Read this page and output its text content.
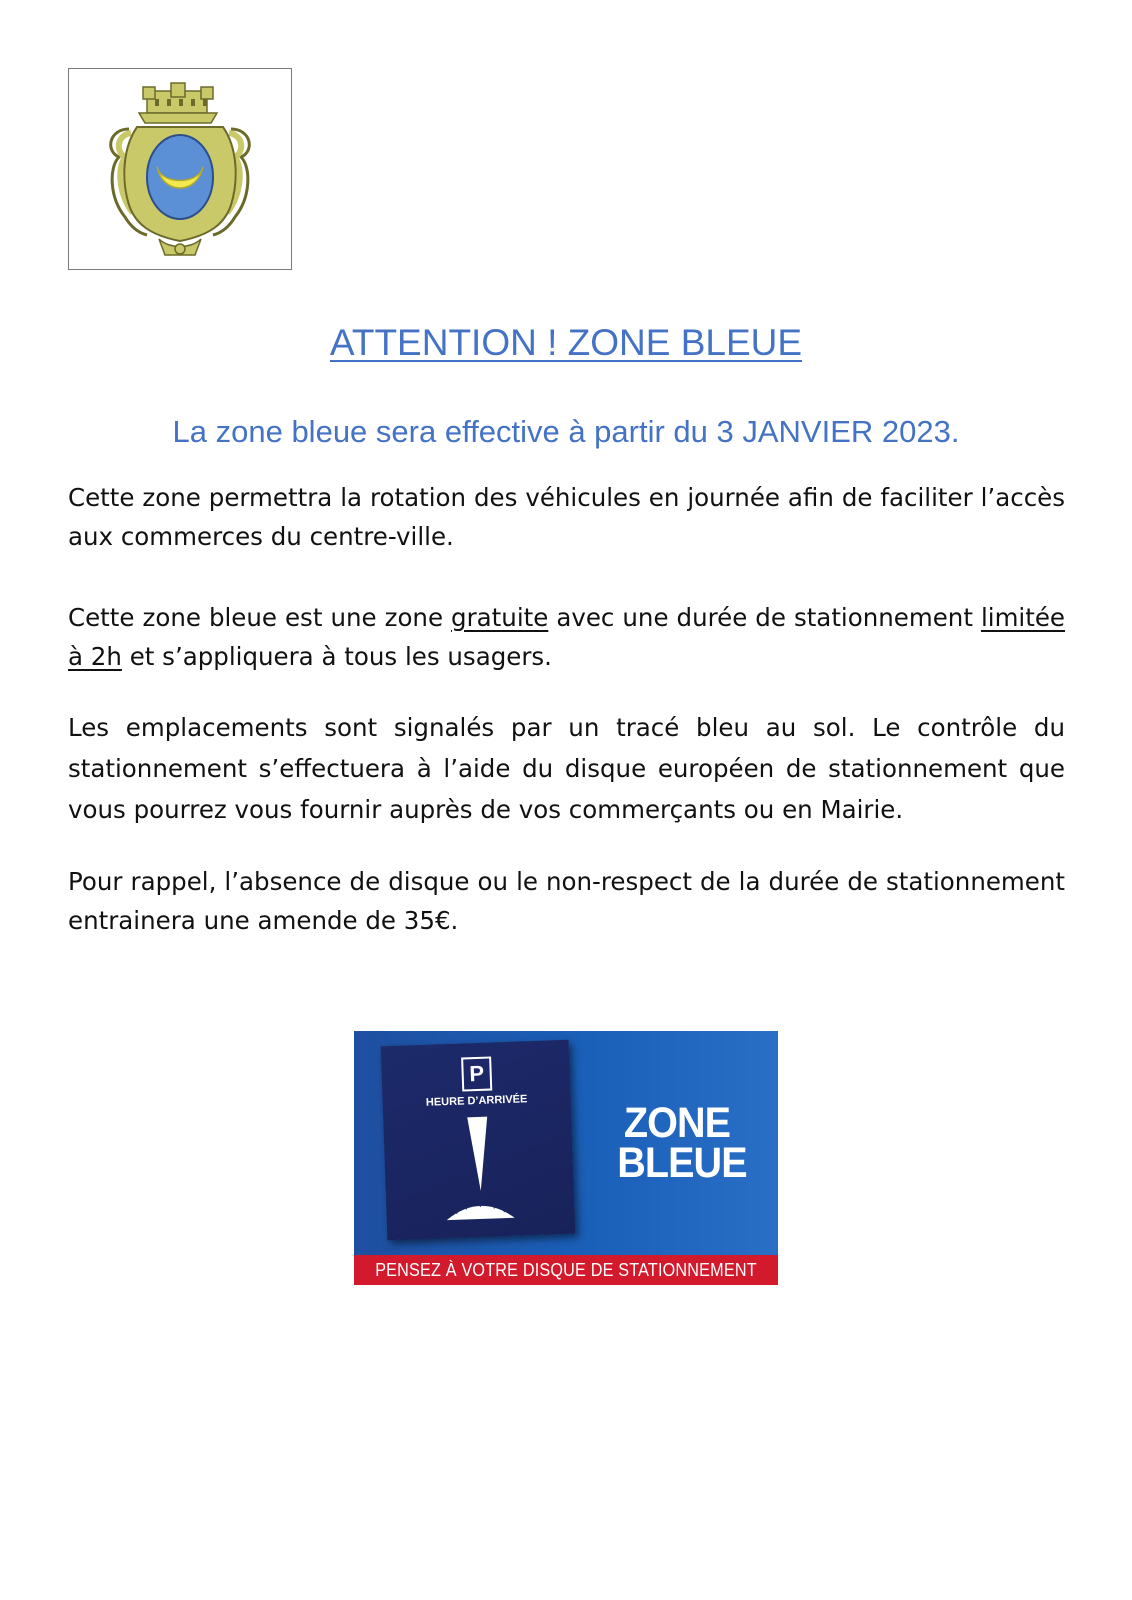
ATTENTION ! ZONE BLEUE
La zone bleue sera effective à partir du 3 JANVIER 2023.

Cette zone permettra la rotation des véhicules en journée afin de faciliter l’accès aux commerces du centre-ville.

Cette zone bleue est une zone gratuite avec une durée de stationnement limitée à 2h et s’appliquera à tous les usagers.

Les emplacements sont signalés par un tracé bleu au sol. Le contrôle du stationnement s’effectuera à l’aide du disque européen de stationnement que vous pourrez vous fournir auprès de vos commerçants ou en Mairie.

Pour rappel, l’absence de disque ou le non-respect de la durée de stationnement entrainera une amende de 35€.

P
HEURE D’ARRIVÉE	ZONE
BLEUE
PENSEZ À VOTRE DISQUE DE STATIONNEMENT !
